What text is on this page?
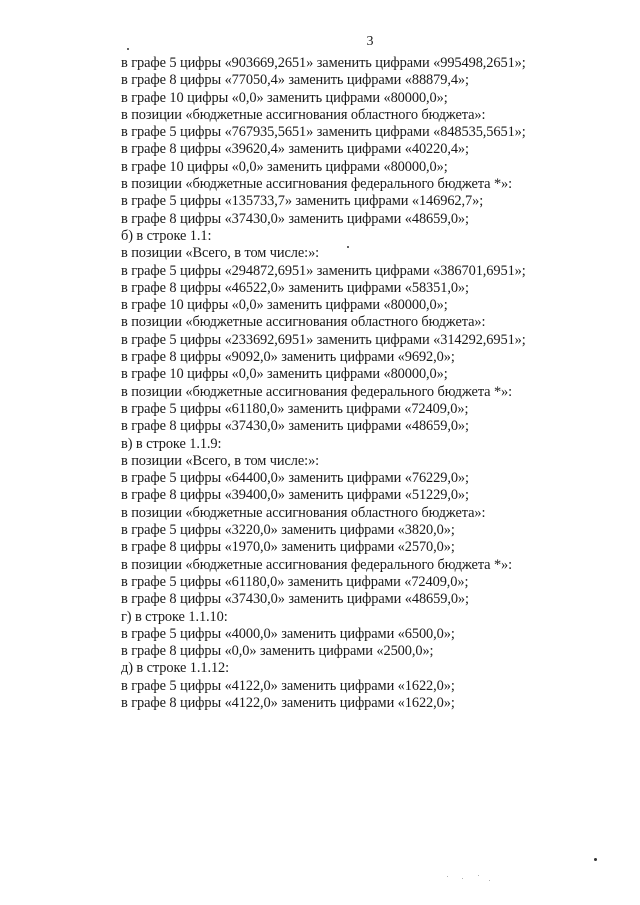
3
в графе 5 цифры «903669,2651» заменить цифрами «995498,2651»;
в графе 8 цифры «77050,4» заменить цифрами «88879,4»;
в графе 10 цифры «0,0» заменить цифрами «80000,0»;
в позиции «бюджетные ассигнования областного бюджета»:
в графе 5 цифры «767935,5651» заменить цифрами «848535,5651»;
в графе 8 цифры «39620,4» заменить цифрами «40220,4»;
в графе 10 цифры «0,0» заменить цифрами «80000,0»;
в позиции «бюджетные ассигнования федерального бюджета *»:
в графе 5 цифры «135733,7» заменить цифрами «146962,7»;
в графе 8 цифры «37430,0» заменить цифрами «48659,0»;
б) в строке 1.1:
в позиции «Всего, в том числе:»:
в графе 5 цифры «294872,6951» заменить цифрами «386701,6951»;
в графе 8 цифры «46522,0» заменить цифрами «58351,0»;
в графе 10 цифры «0,0» заменить цифрами «80000,0»;
в позиции «бюджетные ассигнования областного бюджета»:
в графе 5 цифры «233692,6951» заменить цифрами «314292,6951»;
в графе 8 цифры «9092,0» заменить цифрами «9692,0»;
в графе 10 цифры «0,0» заменить цифрами «80000,0»;
в позиции «бюджетные ассигнования федерального бюджета *»:
в графе 5 цифры «61180,0» заменить цифрами «72409,0»;
в графе 8 цифры «37430,0» заменить цифрами «48659,0»;
в) в строке 1.1.9:
в позиции «Всего, в том числе:»:
в графе 5 цифры «64400,0» заменить цифрами «76229,0»;
в графе 8 цифры «39400,0» заменить цифрами «51229,0»;
в позиции «бюджетные ассигнования областного бюджета»:
в графе 5 цифры «3220,0» заменить цифрами «3820,0»;
в графе 8 цифры «1970,0» заменить цифрами «2570,0»;
в позиции «бюджетные ассигнования федерального бюджета *»:
в графе 5 цифры «61180,0» заменить цифрами «72409,0»;
в графе 8 цифры «37430,0» заменить цифрами «48659,0»;
г) в строке 1.1.10:
в графе 5 цифры «4000,0» заменить цифрами «6500,0»;
в графе 8 цифры «0,0» заменить цифрами «2500,0»;
д) в строке 1.1.12:
в графе 5 цифры «4122,0» заменить цифрами «1622,0»;
в графе 8 цифры «4122,0» заменить цифрами «1622,0»;
